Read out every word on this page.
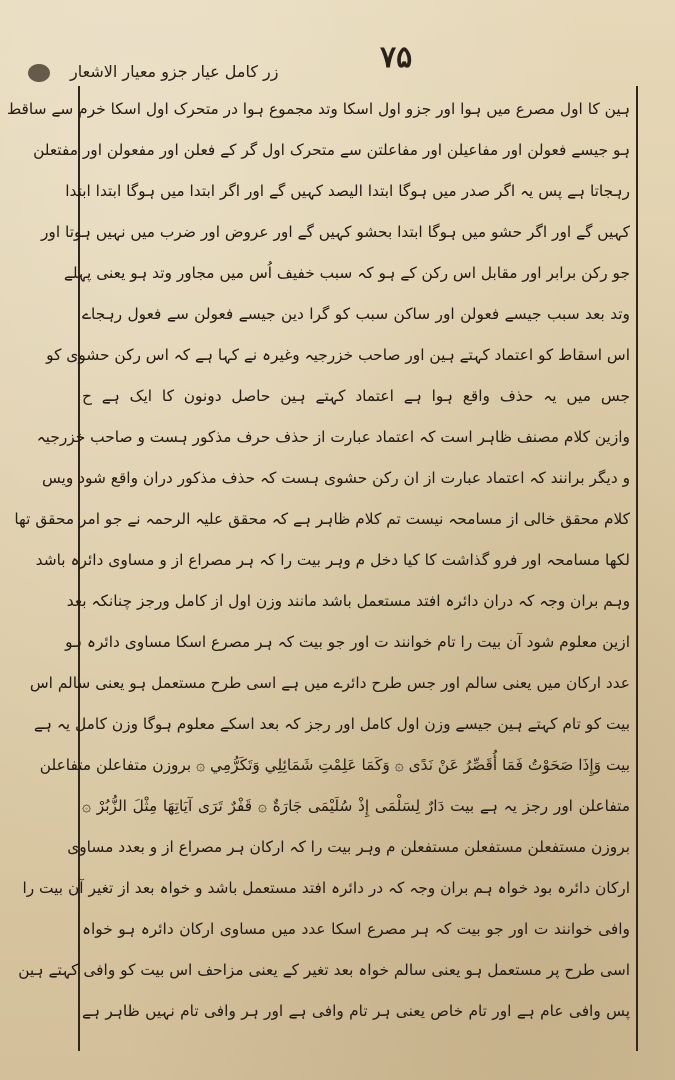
زر کامل عیار جزو معیار الاشعار	٧۵
ہین کا اول مصرع میں ہوا اور جزو اول اسکا وتد مجموع ہوا در متحرک اول اسکا خرم سے ساقط
ہو جیسے فعولن اور مفاعیلن اور مفاعلتن سے متحرک اول گر کے فعلن اور مفعولن اور مفتعلن
رہجاتا ہے پس یہ اگر صدر میں ہوگا ابتدا الیصد کہیں گے اور اگر ابتدا میں ہوگا ابتدا ابتدا
کہیں گے اور اگر حشو میں ہوگا ابتدا بحشو کہیں گے اور عروض اور ضرب میں نہیں ہوتا اور
جو رکن برابر اور مقابل اس رکن کے ہو کہ سبب خفیف اُس میں مجاور وتد ہو یعنی پہلے
وتد بعد سبب جیسے فعولن اور ساکن سبب کو گرا دین جیسے فعولن سے فعول رہجاے
اس اسقاط کو اعتماد کہتے ہین اور صاحب خزرجیہ وغیرہ نے کہا ہے کہ اس رکن حشوی کو
جس میں یہ حذف واقع ہوا ہے اعتماد کہتے ہین حاصل دونون کا ایک ہے ح
وازین کلام مصنف ظاہر است کہ اعتماد عبارت از حذف حرف مذکور ہست و صاحب خزرجیہ
و دیگر برانند کہ اعتماد عبارت از ان رکن حشوی ہست کہ حذف مذکور دران واقع شود ویس
کلام محقق خالی از مسامحہ نیست تم کلام ظاہر ہے کہ محقق علیہ الرحمہ نے جو امر محقق تھا
لکھا مسامحہ اور فرو گذاشت کا کیا دخل م وہر بیت را کہ ہر مصراع از و مساوی دائرہ باشد
وہم بران وجہ کہ دران دائرہ افتد مستعمل باشد مانند وزن اول از کامل ورجز چنانکہ بعد
ازین معلوم شود آن بیت را تام خوانند ت اور جو بیت کہ ہر مصرع اسکا مساوی دائرہ ہو
عدد ارکان میں یعنی سالم اور جس طرح دائرے میں ہے اسی طرح مستعمل ہو یعنی سالم اس
بیت کو تام کہتے ہین جیسے وزن اول کامل اور رجز کہ بعد اسکے معلوم ہوگا وزن کامل یہ ہے
بیت وَإِذَا صَحَوْتُ فَمَا أُقَصِّرُ عَنْ نَدًى ۞ وَكَمَا عَلِمْتِ شَمَائِلِي وَتَكَرُّمِي ۞ بروزن متفاعلن متفاعلن
متفاعلن اور رجز یہ ہے بیت دَارٌ لِسَلْمَى إِذْ سُلَيْمَى جَارَةٌ ۞ قَفْرٌ تَرَى آيَاتِهَا مِثْلَ الزُّبُرْ ۞
بروزن مستفعلن مستفعلن مستفعلن م وہر بیت را کہ ارکان ہر مصراع از و بعدد مساوی
ارکان دائرہ بود خواہ ہم بران وجہ کہ در دائرہ افتد مستعمل باشد و خواہ بعد از تغیر آن بیت را
وافی خوانند ت اور جو بیت کہ ہر مصرع اسکا عدد میں مساوی ارکان دائرہ ہو خواہ
اسی طرح پر مستعمل ہو یعنی سالم خواہ بعد تغیر کے یعنی مزاحف اس بیت کو وافی کہتے ہین
پس وافی عام ہے اور تام خاص یعنی ہر تام وافی ہے اور ہر وافی تام نہیں ظاہر ہے
